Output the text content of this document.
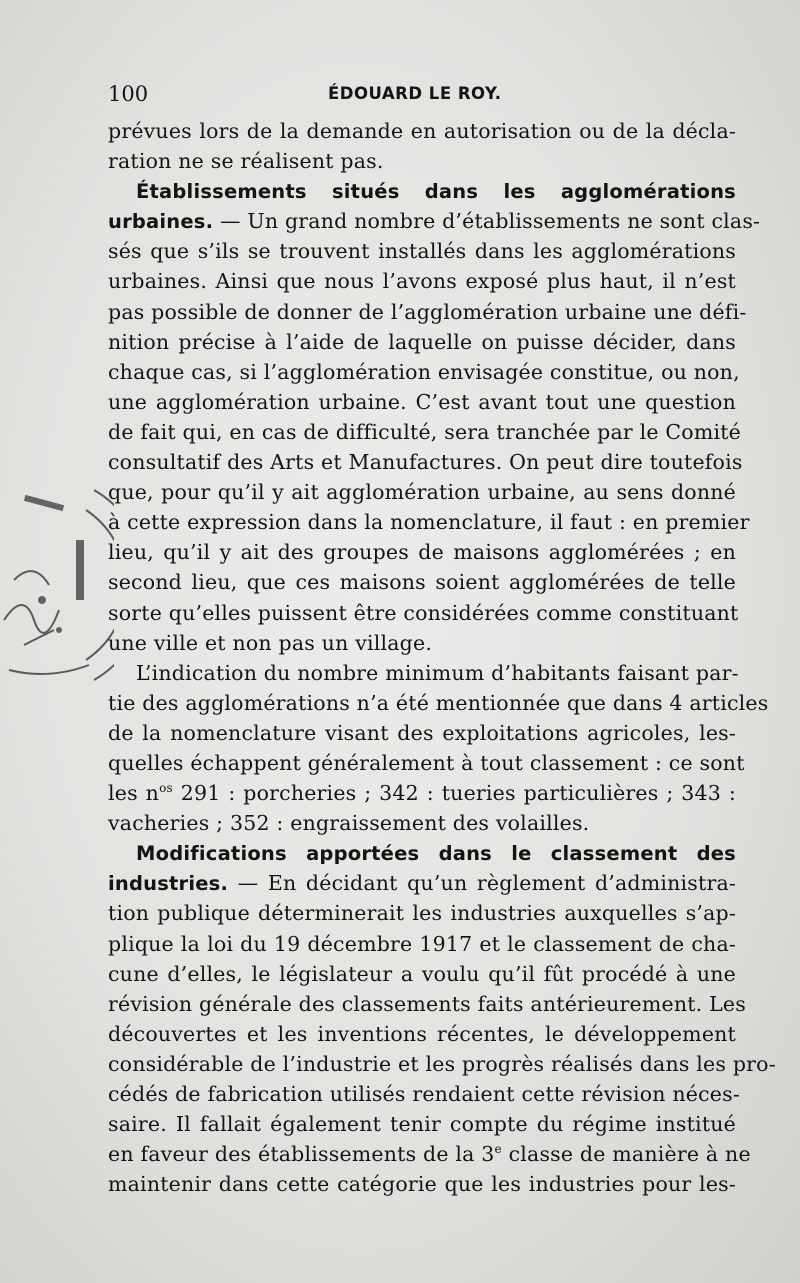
100	ÉDOUARD LE ROY.
prévues lors de la demande en autorisation ou de la décla-
ration ne se réalisent pas.
Établissements situés dans les agglomérations
urbaines. — Un grand nombre d’établissements ne sont clas-
sés que s’ils se trouvent installés dans les agglomérations
urbaines. Ainsi que nous l’avons exposé plus haut, il n’est
pas possible de donner de l’agglomération urbaine une défi-
nition précise à l’aide de laquelle on puisse décider, dans
chaque cas, si l’agglomération envisagée constitue, ou non,
une agglomération urbaine. C’est avant tout une question
de fait qui, en cas de difficulté, sera tranchée par le Comité
consultatif des Arts et Manufactures. On peut dire toutefois
que, pour qu’il y ait agglomération urbaine, au sens donné
à cette expression dans la nomenclature, il faut : en premier
lieu, qu’il y ait des groupes de maisons agglomérées ; en
second lieu, que ces maisons soient agglomérées de telle
sorte qu’elles puissent être considérées comme constituant
une ville et non pas un village.
L’indication du nombre minimum d’habitants faisant par-
tie des agglomérations n’a été mentionnée que dans 4 articles
de la nomenclature visant des exploitations agricoles, les-
quelles échappent généralement à tout classement : ce sont
les $n^{os}$ 291 : porcheries ; 342 : tueries particulières ; 343 :
vacheries ; 352 : engraissement des volailles.
Modifications apportées dans le classement des
industries. — En décidant qu’un règlement d’administra-
tion publique déterminerait les industries auxquelles s’ap-
plique la loi du 19 décembre 1917 et le classement de cha-
cune d’elles, le législateur a voulu qu’il fût procédé à une
révision générale des classements faits antérieurement. Les
découvertes et les inventions récentes, le développement
considérable de l’industrie et les progrès réalisés dans les pro-
cédés de fabrication utilisés rendaient cette révision néces-
saire. Il fallait également tenir compte du régime institué
en faveur des établissements de la 3e classe de manière à ne
maintenir dans cette catégorie que les industries pour les-
